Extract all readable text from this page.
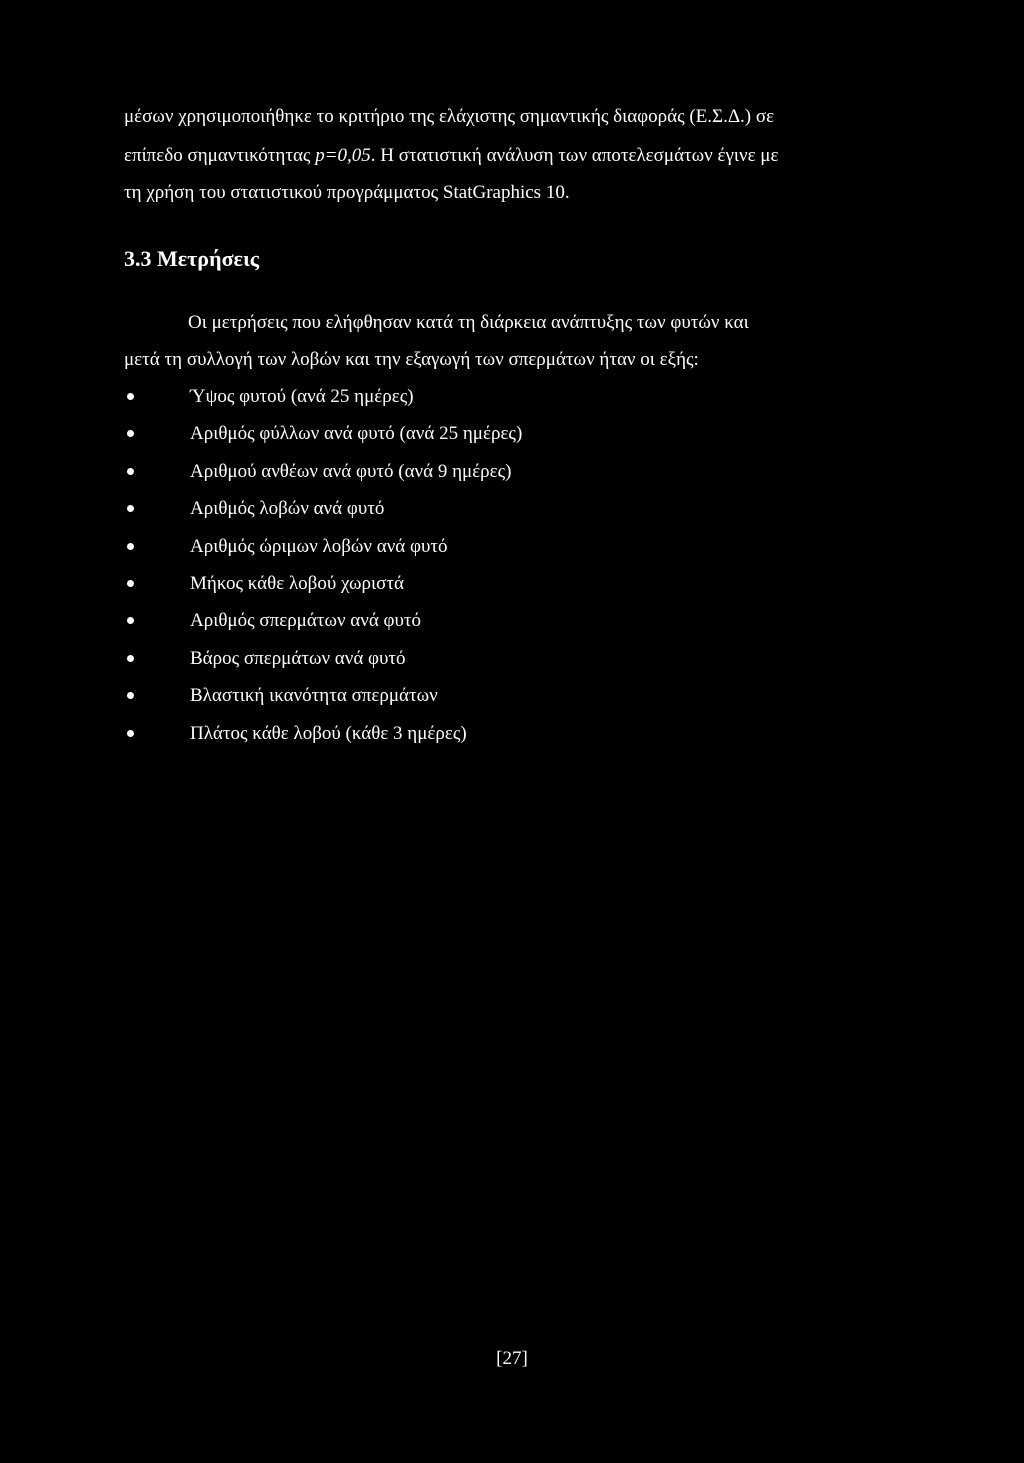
μέσων χρησιμοποιήθηκε το κριτήριο της ελάχιστης σημαντικής διαφοράς (Ε.Σ.Δ.) σε
επίπεδο σημαντικότητας p=0,05. Η στατιστική ανάλυση των αποτελεσμάτων έγινε με
τη χρήση του στατιστικού προγράμματος StatGraphics 10.
3.3 Μετρήσεις
Οι μετρήσεις που ελήφθησαν κατά τη διάρκεια ανάπτυξης των φυτών και
μετά τη συλλογή των λοβών και την εξαγωγή των σπερμάτων ήταν οι εξής:
Ύψος φυτού (ανά 25 ημέρες)
Αριθμός φύλλων ανά φυτό (ανά 25 ημέρες)
Αριθμού ανθέων ανά φυτό (ανά 9 ημέρες)
Αριθμός λοβών ανά φυτό
Αριθμός ώριμων λοβών ανά φυτό
Μήκος κάθε λοβού χωριστά
Αριθμός σπερμάτων ανά φυτό
Βάρος σπερμάτων ανά φυτό
Βλαστική ικανότητα σπερμάτων
Πλάτος κάθε λοβού (κάθε 3 ημέρες)
[27]
